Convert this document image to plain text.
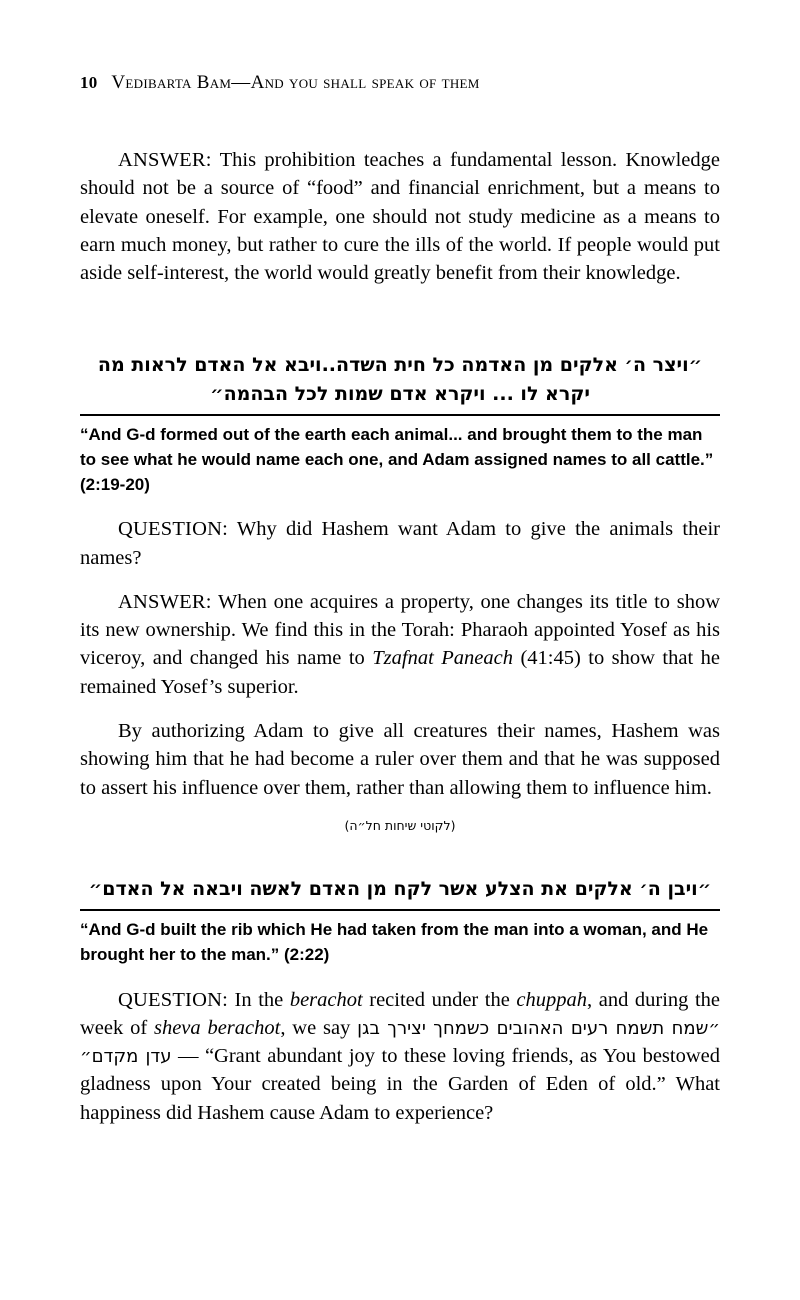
10 Vedibarta Bam—And you shall speak of them

ANSWER: This prohibition teaches a fundamental lesson. Knowledge should not be a source of “food” and financial enrichment, but a means to elevate oneself. For example, one should not study medicine as a means to earn much money, but rather to cure the ills of the world. If people would put aside self-interest, the world would greatly benefit from their knowledge.

״ויצר ה׳ אלקים מן האדמה כל חית השדה..ויבא אל האדם לראות מה יקרא לו ... ויקרא אדם שמות לכל הבהמה״
“And G-d formed out of the earth each animal... and brought them to the man to see what he would name each one, and Adam assigned names to all cattle.” (2:19-20)

QUESTION: Why did Hashem want Adam to give the animals their names?

ANSWER: When one acquires a property, one changes its title to show its new ownership. We find this in the Torah: Pharaoh appointed Yosef as his viceroy, and changed his name to Tzafnat Paneach (41:45) to show that he remained Yosef’s superior.

By authorizing Adam to give all creatures their names, Hashem was showing him that he had become a ruler over them and that he was supposed to assert his influence over them, rather than allowing them to influence him.

(לקוטי שיחות חל״ה)
״ויבן ה׳ אלקים את הצלע אשר לקח מן האדם לאשה ויבאה אל האדם״
“And G-d built the rib which He had taken from the man into a woman, and He brought her to the man.” (2:22)

QUESTION: In the berachot recited under the chuppah, and during the week of sheva berachot, we say ״שמח תשמח רעים האהובים כשמחך יצירך בגן עדן מקדם״ — “Grant abundant joy to these loving friends, as You bestowed gladness upon Your created being in the Garden of Eden of old.” What happiness did Hashem cause Adam to experience?
